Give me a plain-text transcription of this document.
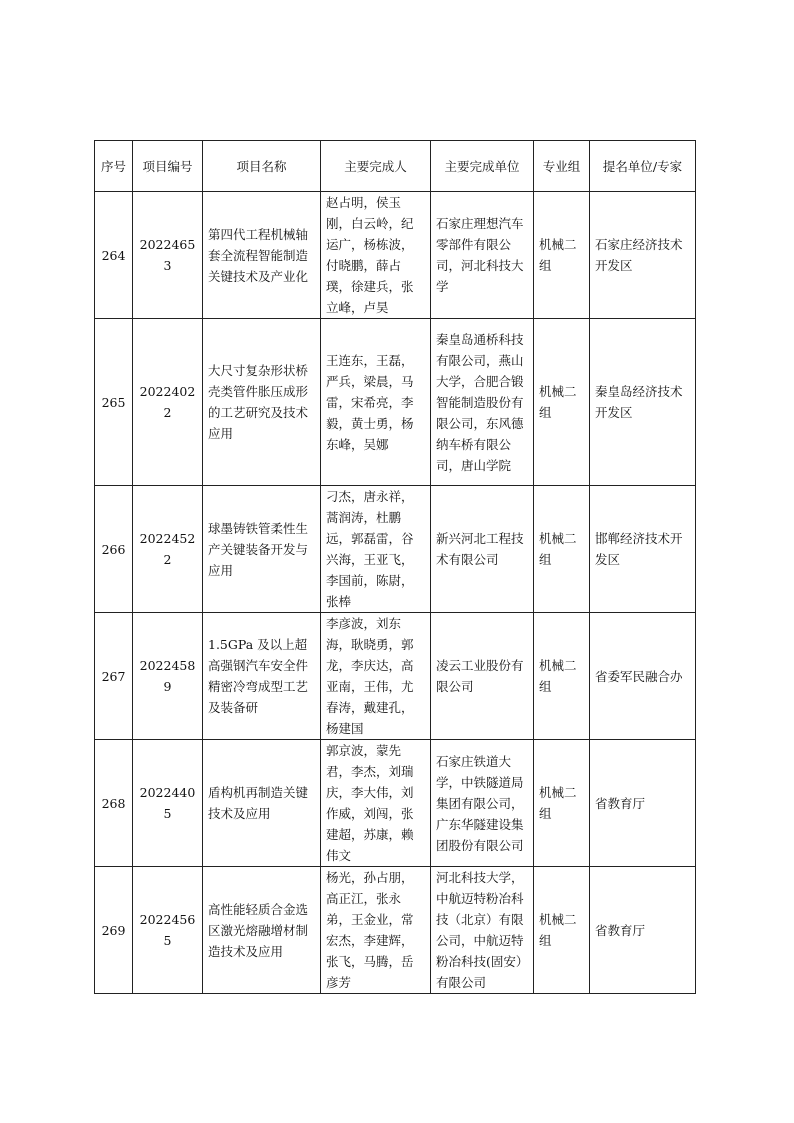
序号	项目编号	项目名称	主要完成人	主要完成单位	专业组	提名单位/专家
264	20224653	第四代工程机械轴套全流程智能制造关键技术及产业化	赵占明，侯玉刚，白云岭，纪运广，杨栋波，付晓鹏，薛占璞，徐建兵，张立峰，卢昊	石家庄理想汽车零部件有限公司，河北科技大学	机械二组	石家庄经济技术开发区
265	20224022	大尺寸复杂形状桥壳类管件胀压成形的工艺研究及技术应用	王连东，王磊，严兵，梁晨，马雷，宋希亮，李毅，黄士勇，杨东峰，吴娜	秦皇岛通桥科技有限公司，燕山大学，合肥合锻智能制造股份有限公司，东风德纳车桥有限公司，唐山学院	机械二组	秦皇岛经济技术开发区
266	20224522	球墨铸铁管柔性生产关键装备开发与应用	刁杰，唐永祥，蒿润涛，杜鹏远，郭磊雷，谷兴海，王亚飞，李国前，陈尉，张棒	新兴河北工程技术有限公司	机械二组	邯郸经济技术开发区
267	20224589	1.5GPa 及以上超高强钢汽车安全件精密冷弯成型工艺及装备研	李彦波，刘东海，耿晓勇，郭龙，李庆达，高亚南，王伟，尤春涛，戴建孔，杨建国	凌云工业股份有限公司	机械二组	省委军民融合办
268	20224405	盾构机再制造关键技术及应用	郭京波，蒙先君，李杰，刘瑞庆，李大伟，刘作威，刘闯，张建超，苏康，赖伟文	石家庄铁道大学，中铁隧道局集团有限公司，广东华隧建设集团股份有限公司	机械二组	省教育厅
269	20224565	高性能轻质合金选区激光熔融增材制造技术及应用	杨光，孙占朋，高正江，张永弟，王金业，常宏杰，李建辉，张飞，马腾，岳彦芳	河北科技大学，中航迈特粉冶科技（北京）有限公司，中航迈特粉冶科技(固安）有限公司	机械二组	省教育厅
